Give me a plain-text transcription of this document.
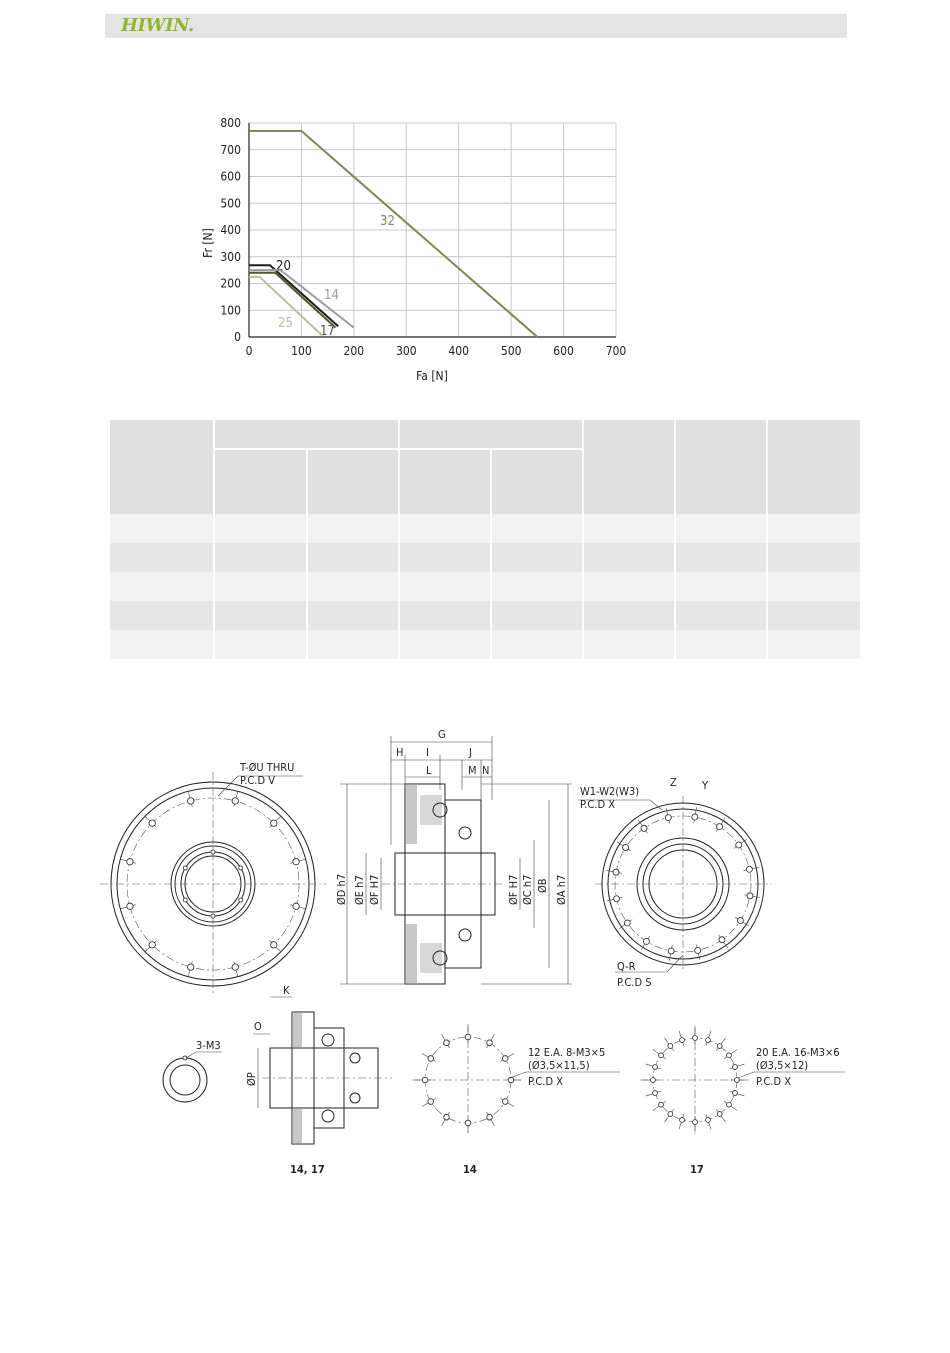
HIWIN.
0	100	200	300	400	500	600	700
0
100
200
300
400
500
600
700
800
32
20
14
17
25
Fa [N]
Fr [N]

T-ØU THRU
P.C.D V
G
H I	J
L	M N
ØD h7 ØE h7 ØF H7	ØF H7 ØC h7 ØB ØA h7
W1-W2(W3)
P.C.D X
Z Y
Q-R
P.C.D S
3-M3
K
O
ØP
14, 17
12 E.A. 8-M3×5
(Ø3,5×11,5)
P.C.D X
14
20 E.A. 16-M3×6
(Ø3,5×12)
P.C.D X
17
